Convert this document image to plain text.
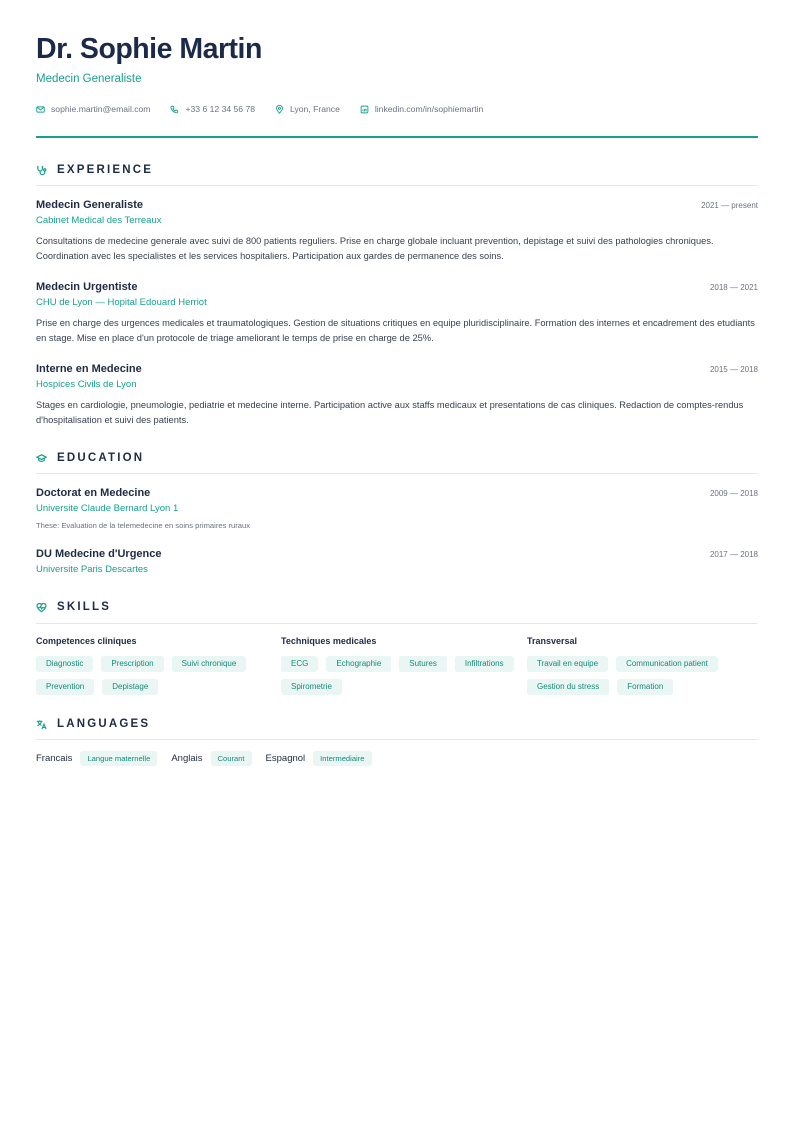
Dr. Sophie Martin
Medecin Generaliste
sophie.martin@email.com	+33 6 12 34 56 78	Lyon, France	linkedin.com/in/sophiemartin
EXPERIENCE
Medecin Generaliste	2021 — present
Cabinet Medical des Terreaux
Consultations de medecine generale avec suivi de 800 patients reguliers. Prise en charge globale incluant prevention, depistage et suivi des pathologies chroniques. Coordination avec les specialistes et les services hospitaliers. Participation aux gardes de permanence des soins.
Medecin Urgentiste	2018 — 2021
CHU de Lyon — Hopital Edouard Herriot
Prise en charge des urgences medicales et traumatologiques. Gestion de situations critiques en equipe pluridisciplinaire. Formation des internes et encadrement des etudiants en stage. Mise en place d'un protocole de triage ameliorant le temps de prise en charge de 25%.
Interne en Medecine	2015 — 2018
Hospices Civils de Lyon
Stages en cardiologie, pneumologie, pediatrie et medecine interne. Participation active aux staffs medicaux et presentations de cas cliniques. Redaction de comptes-rendus d'hospitalisation et suivi des patients.
EDUCATION
Doctorat en Medecine	2009 — 2018
Universite Claude Bernard Lyon 1
These: Evaluation de la telemedecine en soins primaires ruraux
DU Medecine d'Urgence	2017 — 2018
Universite Paris Descartes
SKILLS
Competences cliniques
Diagnostic	Prescription	Suivi chronique
Prevention	Depistage
Techniques medicales
ECG	Echographie	Sutures	Infiltrations
Spirometrie
Transversal
Travail en equipe	Communication patient
Gestion du stress	Formation
LANGUAGES
Francais	Langue maternelle	Anglais	Courant	Espagnol	Intermediaire
